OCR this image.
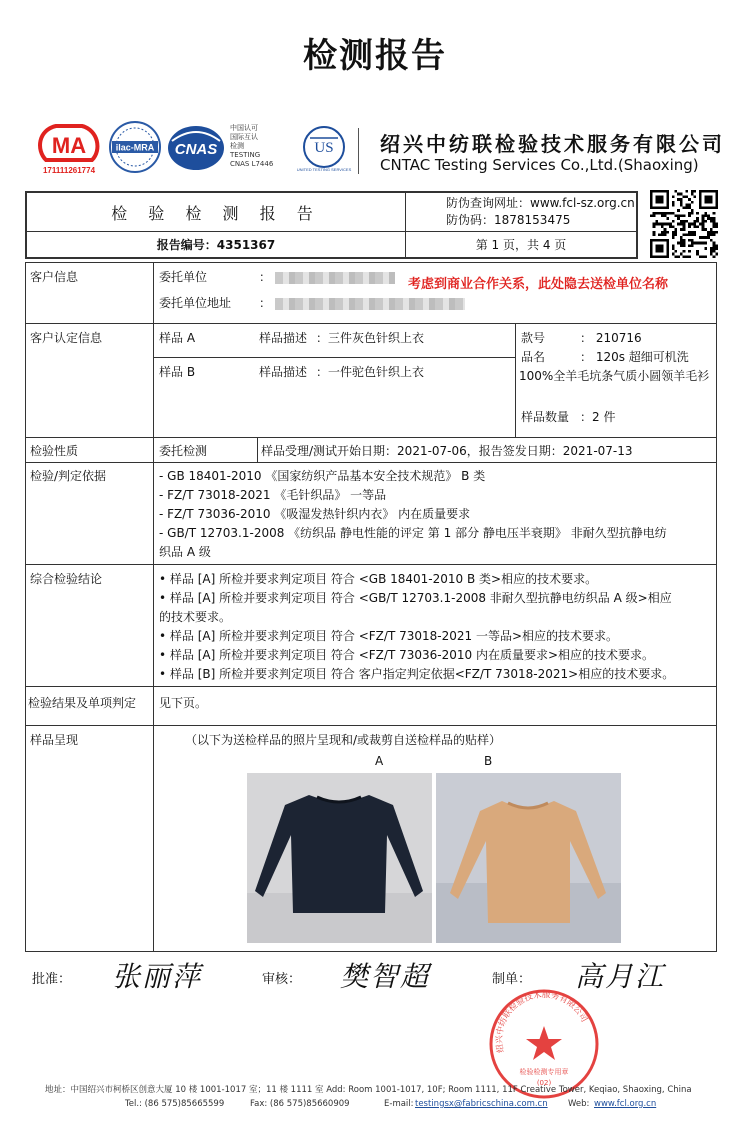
检测报告
MA
171111261774
ilac-MRA CNAS
中国认可
国际互认
检测
TESTING
CNAS L7446
US
UNITED TESTING SERVICES
绍兴中纺联检验技术服务有限公司
CNTAC Testing Services Co.,Ltd.(Shaoxing)
检 验 检 测 报 告
防伪查询网址：www.fcl-sz.org.cn
防伪码：1878153475
报告编号：4351367	第 1 页，共 4 页
客户信息	委托单位	：
委托单位地址 ：
考虑到商业合作关系，此处隐去送检单位名称
客户认定信息	样品 A	样品描述 ：三件灰色针织上衣
样品 B	样品描述 ：一件驼色针织上衣
款号	： 210716
品名	： 120s 超细可机洗
100%全羊毛坑条气质小圆领羊毛衫
样品数量 ：2 件
检验性质	委托检测	样品受理/测试开始日期：2021-07-06，报告签发日期：2021-07-13
检验/判定依据	- GB 18401-2010 《国家纺织产品基本安全技术规范》 B 类
- FZ/T 73018-2021 《毛针织品》 一等品
- FZ/T 73036-2010 《吸湿发热针织内衣》 内在质量要求
- GB/T 12703.1-2008 《纺织品 静电性能的评定 第 1 部分 静电压半衰期》 非耐久型抗静电纺
织品 A 级
综合检验结论	• 样品 [A] 所检并要求判定项目 符合 <GB 18401-2010 B 类>相应的技术要求。
• 样品 [A] 所检并要求判定项目 符合 <GB/T 12703.1-2008 非耐久型抗静电纺织品 A 级>相应
的技术要求。
• 样品 [A] 所检并要求判定项目 符合 <FZ/T 73018-2021 一等品>相应的技术要求。
• 样品 [A] 所检并要求判定项目 符合 <FZ/T 73036-2010 内在质量要求>相应的技术要求。
• 样品 [B] 所检并要求判定项目 符合 客户指定判定依据<FZ/T 73018-2021>相应的技术要求。
检验结果及单项判定 见下页。
样品呈现	（以下为送检样品的照片呈现和/或裁剪自送检样品的贴样）
A	B
批准： 张丽萍	审核： 樊智超	制单： 高月江
绍兴中纺联检验技术服务有限公司
检验检测专用章
(02)
地址：中国绍兴市柯桥区创意大厦 10 楼 1001-1017 室；11 楼 1111 室 Add: Room 1001-1017, 10F; Room 1111, 11F Creative Tower, Keqiao, Shaoxing, China
Tel.: (86 575)85665599	Fax: (86 575)85660909	E-mail: testingsx@fabricschina.com.cn Web: www.fcl.org.cn
